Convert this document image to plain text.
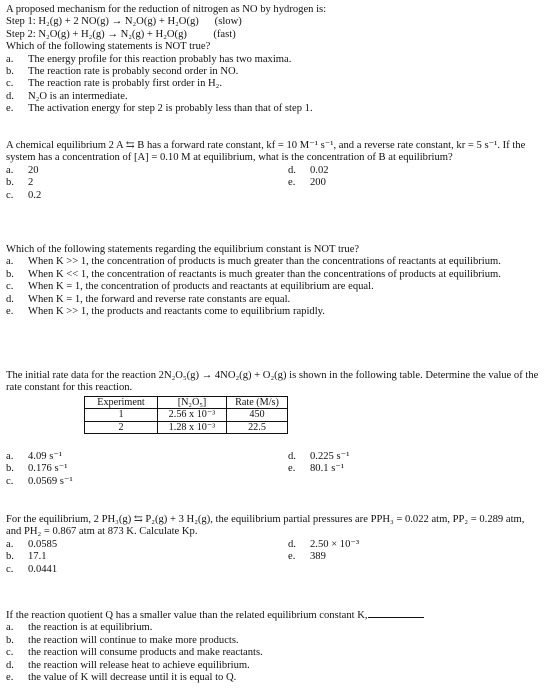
A proposed mechanism for the reduction of nitrogen as NO by hydrogen is:
Step 1: H₂(g) + 2 NO(g) → N₂O(g) + H₂O(g)      (slow)
Step 2: N₂O(g) + H₂(g) → N₂(g) + H₂O(g)          (fast)
Which of the following statements is NOT true?
a.	The energy profile for this reaction probably has two maxima.
b.	The reaction rate is probably second order in NO.
c.	The reaction rate is probably first order in H₂.
d.	N₂O is an intermediate.
e.	The activation energy for step 2 is probably less than that of step 1.
A chemical equilibrium 2 A ⇆ B has a forward rate constant, kf = 10 M⁻¹ s⁻¹, and a reverse rate constant, kr = 5 s⁻¹. If the system has a concentration of [A] = 0.10 M at equilibrium, what is the concentration of B at equilibrium?
a.	20
b.	2
c.	0.2
d.	0.02
e.	200
Which of the following statements regarding the equilibrium constant is NOT true?
a.	When K >> 1, the concentration of products is much greater than the concentrations of reactants at equilibrium.
b.	When K << 1, the concentration of reactants is much greater than the concentrations of products at equilibrium.
c.	When K = 1, the concentration of products and reactants at equilibrium are equal.
d.	When K = 1, the forward and reverse rate constants are equal.
e.	When K >> 1, the products and reactants come to equilibrium rapidly.
The initial rate data for the reaction 2N₂O₅(g) → 4NO₂(g) + O₂(g) is shown in the following table. Determine the value of the rate constant for this reaction.
Experiment	[N₂O₅]	Rate (M/s)
1	2.56 x 10⁻³	450
2	1.28 x 10⁻³	22.5
a.	4.09 s⁻¹
b.	0.176 s⁻¹
c.	0.0569 s⁻¹
d.	0.225 s⁻¹
e.	80.1 s⁻¹
For the equilibrium, 2 PH₃(g) ⇆ P₂(g) + 3 H₂(g), the equilibrium partial pressures are PPH₃ = 0.022 atm, PP₂ = 0.289 atm, and PH₂ = 0.867 atm at 873 K. Calculate Kp.
a.	0.0585
b.	17.1
c.	0.0441
d.	2.50 × 10⁻³
e.	389
If the reaction quotient Q has a smaller value than the related equilibrium constant K,
a.	the reaction is at equilibrium.
b.	the reaction will continue to make more products.
c.	the reaction will consume products and make reactants.
d.	the reaction will release heat to achieve equilibrium.
e.	the value of K will decrease until it is equal to Q.
